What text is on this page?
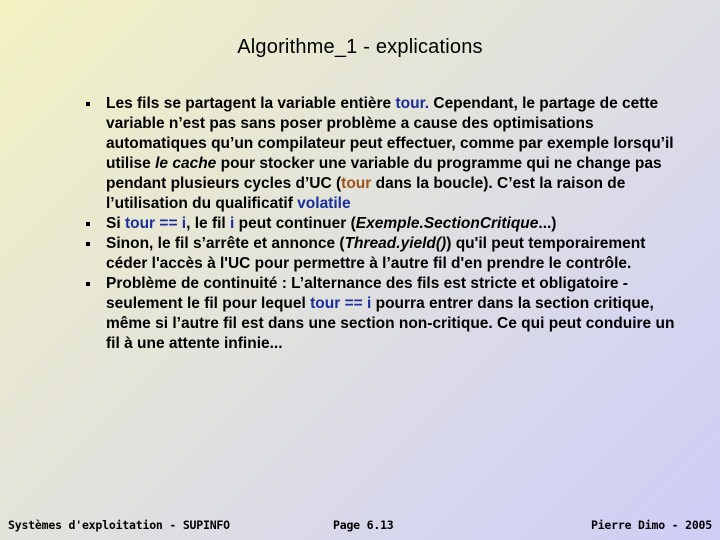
Algorithme_1 - explications
Les fils se partagent la variable entière tour. Cependant, le partage de cette variable n’est pas sans poser problème a cause des optimisations automatiques qu’un compilateur peut effectuer, comme par exemple lorsqu’il utilise le cache pour stocker une variable du programme qui ne change pas pendant plusieurs cycles d’UC (tour dans la boucle). C’est la raison de l’utilisation du qualificatif volatile
Si tour == i, le fil i peut continuer (Exemple.SectionCritique...)
Sinon, le fil s’arrête et annonce (Thread.yield()) qu'il peut temporairement céder l'accès à l'UC pour permettre à l’autre fil d'en prendre le contrôle.
Problème de continuité : L’alternance des fils est stricte et obligatoire - seulement le fil pour lequel tour == i pourra entrer dans la section critique, même si l’autre fil est dans une section non-critique. Ce qui peut conduire un fil à une attente infinie...
Systèmes d'exploitation - SUPINFO	Page 6.13	Pierre Dimo - 2005
